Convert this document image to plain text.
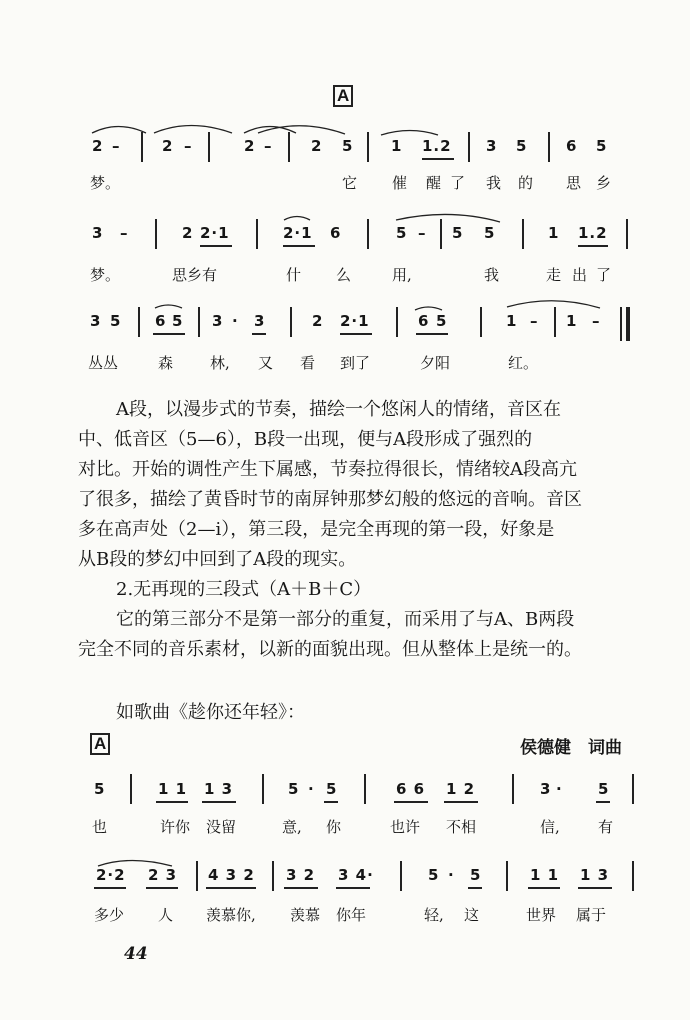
A
2 –	2 –	2 –	2 5	1 1.2 3 5	6 5
梦。	它 催 醒 了 我 的 思 乡
3 –	2 2·1	2·1 6	5 – 5 5	1 1.2
梦。	思乡有	什 么	用,	我	走 出 了
3 5 6 5 3 · 3	2 2·1	6 5	1 – 1 –
丛丛	森 林, 又 看 到了	夕阳	红。
A段，以漫步式的节奏，描绘一个悠闲人的情绪，音区在
中、低音区（5—6），B段一出现，便与A段形成了强烈的
对比。开始的调性产生下属感，节奏拉得很长，情绪较A段高亢
了很多，描绘了黄昏时节的南屏钟那梦幻般的悠远的音响。音区
多在高声处（2—i），第三段，是完全再现的第一段，好象是
从B段的梦幻中回到了A段的现实。
2.无再现的三段式（A＋B＋C）
它的第三部分不是第一部分的重复，而采用了与A、B两段
完全不同的音乐素材，以新的面貌出现。但从整体上是统一的。
如歌曲《趁你还年轻》：
A	侯德健　词曲
5	1 1 1 3	5 · 5	6 6 1 2	3 · 5
也	许你 没留	意, 你	也许 不相	信,	有
2·2 2 3 4 3 2 3 2 3 4·	5 · 5	1 1 1 3
多少 人 羡慕你, 羡慕 你年	轻, 这	世界 属于
44
